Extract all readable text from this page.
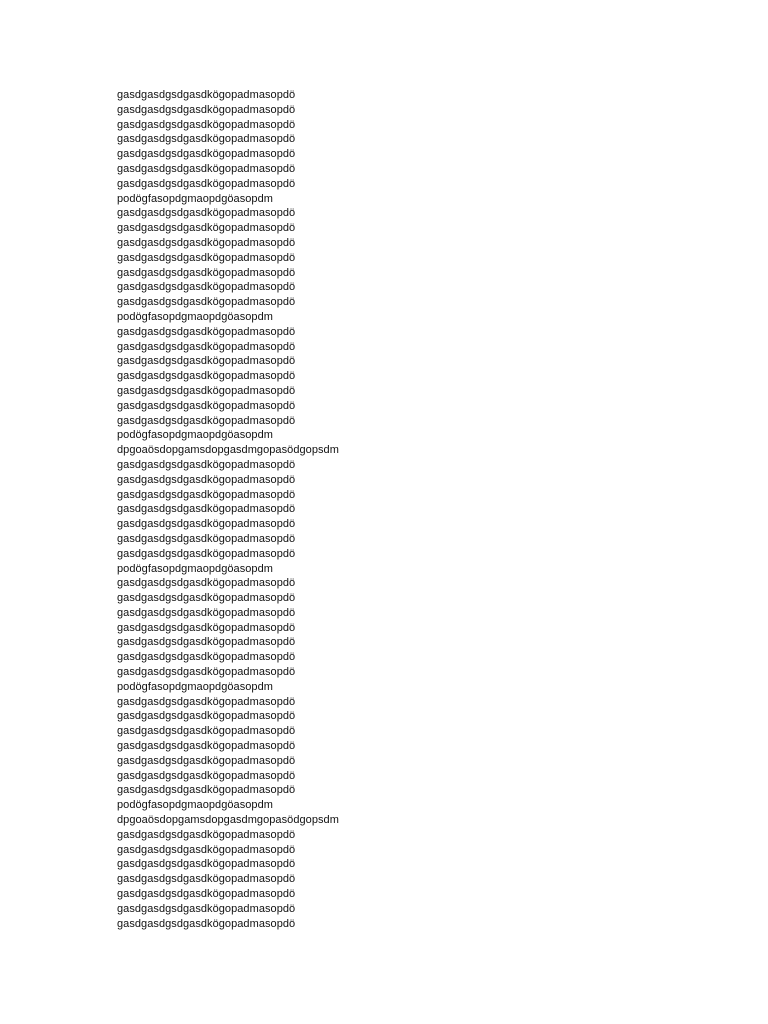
gasdgasdgsdgasdkögopadmasopdö
gasdgasdgsdgasdkögopadmasopdö
gasdgasdgsdgasdkögopadmasopdö
gasdgasdgsdgasdkögopadmasopdö
gasdgasdgsdgasdkögopadmasopdö
gasdgasdgsdgasdkögopadmasopdö
gasdgasdgsdgasdkögopadmasopdö
podögfasopdgmaopdgöasopdm
gasdgasdgsdgasdkögopadmasopdö
gasdgasdgsdgasdkögopadmasopdö
gasdgasdgsdgasdkögopadmasopdö
gasdgasdgsdgasdkögopadmasopdö
gasdgasdgsdgasdkögopadmasopdö
gasdgasdgsdgasdkögopadmasopdö
gasdgasdgsdgasdkögopadmasopdö
podögfasopdgmaopdgöasopdm
gasdgasdgsdgasdkögopadmasopdö
gasdgasdgsdgasdkögopadmasopdö
gasdgasdgsdgasdkögopadmasopdö
gasdgasdgsdgasdkögopadmasopdö
gasdgasdgsdgasdkögopadmasopdö
gasdgasdgsdgasdkögopadmasopdö
gasdgasdgsdgasdkögopadmasopdö
podögfasopdgmaopdgöasopdm
dpgoaösdopgamsdopgasdmgopasödgopsdm
gasdgasdgsdgasdkögopadmasopdö
gasdgasdgsdgasdkögopadmasopdö
gasdgasdgsdgasdkögopadmasopdö
gasdgasdgsdgasdkögopadmasopdö
gasdgasdgsdgasdkögopadmasopdö
gasdgasdgsdgasdkögopadmasopdö
gasdgasdgsdgasdkögopadmasopdö
podögfasopdgmaopdgöasopdm
gasdgasdgsdgasdkögopadmasopdö
gasdgasdgsdgasdkögopadmasopdö
gasdgasdgsdgasdkögopadmasopdö
gasdgasdgsdgasdkögopadmasopdö
gasdgasdgsdgasdkögopadmasopdö
gasdgasdgsdgasdkögopadmasopdö
gasdgasdgsdgasdkögopadmasopdö
podögfasopdgmaopdgöasopdm
gasdgasdgsdgasdkögopadmasopdö
gasdgasdgsdgasdkögopadmasopdö
gasdgasdgsdgasdkögopadmasopdö
gasdgasdgsdgasdkögopadmasopdö
gasdgasdgsdgasdkögopadmasopdö
gasdgasdgsdgasdkögopadmasopdö
gasdgasdgsdgasdkögopadmasopdö
podögfasopdgmaopdgöasopdm
dpgoaösdopgamsdopgasdmgopasödgopsdm
gasdgasdgsdgasdkögopadmasopdö
gasdgasdgsdgasdkögopadmasopdö
gasdgasdgsdgasdkögopadmasopdö
gasdgasdgsdgasdkögopadmasopdö
gasdgasdgsdgasdkögopadmasopdö
gasdgasdgsdgasdkögopadmasopdö
gasdgasdgsdgasdkögopadmasopdö
